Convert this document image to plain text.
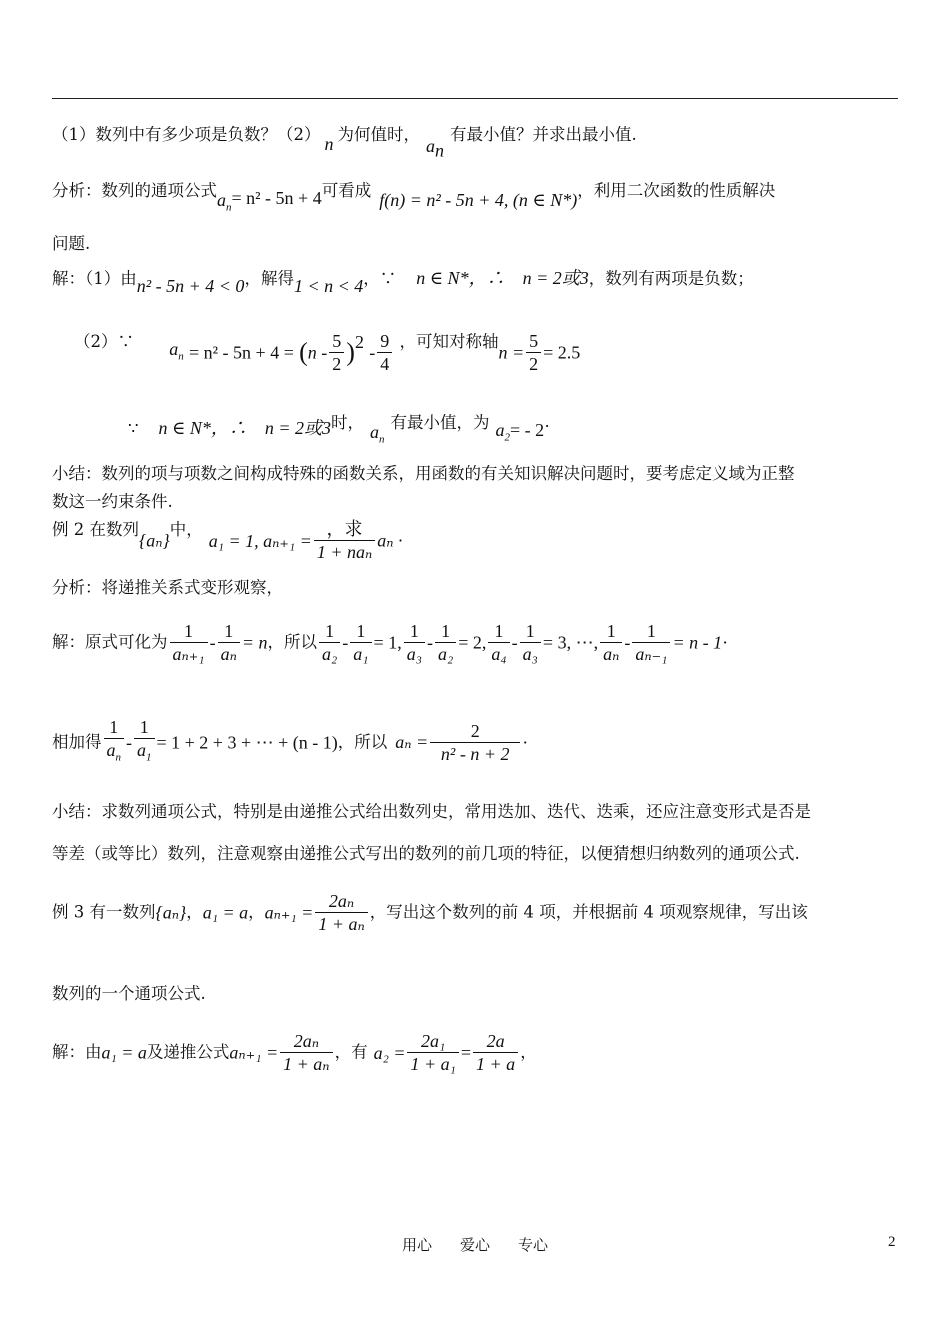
（1）数列中有多少项是负数？（2） n 为何值时，$a_n$有最小值？并求出最小值.
分析：数列的通项公式$a_n= n^2 - 5n + 4$可看成 f(n) = n² - 5n + 4, (n ∈ N*)，利用二次函数的性质解决
问题.
解：（1）由n² - 5n + 4 < 0，解得1 < n < 4，∵ n ∈ N*，∴ n = 2或3，数列有两项是负数；
（2）∵ $a_n = n^2 - 5n + 4 = (n - \frac{5}{2} )^2 - \frac{9}{4}$ ，可知对称轴$n = \frac{5}{2} = 2.5$
∵ n ∈ N*，∴ n = 2或3时， $a_n$有最小值，为 $a_2= - 2\cdot$
小结：数列的项与项数之间构成特殊的函数关系，用函数的有关知识解决问题时，要考虑定义域为正整
数这一约束条件.
例 2 在数列{aₙ}中，a₁ = 1, $a_{n+1} = \frac{\text{，求}}{\text{1 + naₙ}}$ aₙ ·
分析：将递推关系式变形观察，
解：原式可化为 $\frac{1}{\text{aₙ₊₁}} - \frac{1}{\text{aₙ}} = n$，所以 $\frac{1}{\text{a₂}} - \frac{1}{\text{a₁}} = 1$, $\frac{1}{\text{a₃}} - \frac{1}{\text{a₂}} = 2$, $\frac{1}{\text{a₄}} - \frac{1}{\text{a₃}} = 3$, ⋯, $\frac{1}{\text{aₙ}} - \frac{1}{\text{aₙ₋₁}} = n - 1\cdot$
相加得 $\frac{1}{a_n} - \frac{1}{a_1} = 1 + 2 + 3$ + ⋯ + (n - 1)，所以 $a_n = \frac{2}{\text{n² - n + 2}}$ ·
小结：求数列通项公式，特别是由递推公式给出数列史，常用迭加、迭代、迭乘，还应注意变形式是否是
等差（或等比）数列，注意观察由递推公式写出的数列的前几项的特征，以便猜想归纳数列的通项公式.
例 3 有一数列{aₙ}，a₁ = a，$a_{n+1} = \frac{\text{2aₙ}}{\text{1 + aₙ}}$ ，写出这个数列的前 4 项，并根据前 4 项观察规律，写出该
数列的一个通项公式.
解：由a₁ = a及递推公式$a_{n+1} = \frac{\text{2aₙ}}{\text{1 + aₙ}}$ ，有 $a_2 = \frac{\text{2a₁}}{\text{1 + a₁}} = \frac{2a}{1 + a}$ ，
用心 爱心 专心	2
